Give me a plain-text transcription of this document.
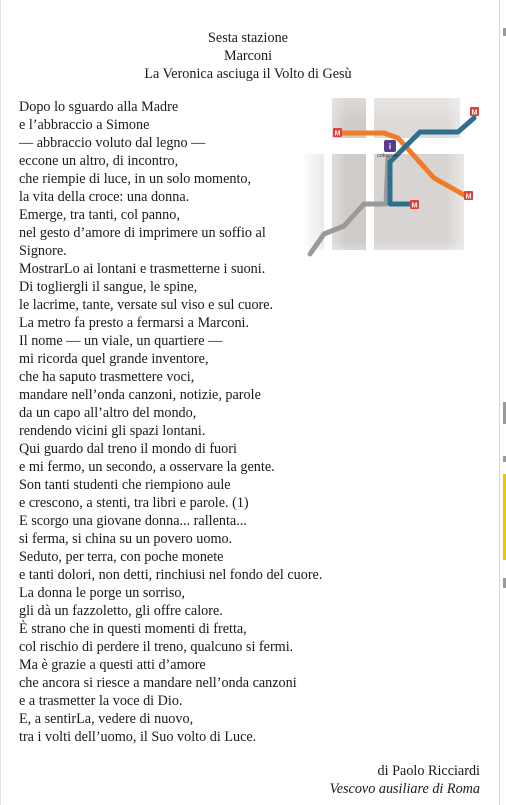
Sesta stazione
Marconi
La Veronica asciuga il Volto di Gesù
M
M
M
M
i
colosseo
Dopo lo sguardo alla Madre
e l’abbraccio a Simone
— abbraccio voluto dal legno —
eccone un altro, di incontro,
che riempie di luce, in un solo momento,
la vita della croce: una donna.
Emerge, tra tanti, col panno,
nel gesto d’amore di imprimere un soffio al
Signore.
MostrarLo ai lontani e trasmetterne i suoni.
Di togliergli il sangue, le spine,
le lacrime, tante, versate sul viso e sul cuore.
La metro fa presto a fermarsi a Marconi.
Il nome — un viale, un quartiere —
mi ricorda quel grande inventore,
che ha saputo trasmettere voci,
mandare nell’onda canzoni, notizie, parole
da un capo all’altro del mondo,
rendendo vicini gli spazi lontani.
Qui guardo dal treno il mondo di fuori
e mi fermo, un secondo, a osservare la gente.
Son tanti studenti che riempiono aule
e crescono, a stenti, tra libri e parole. (1)
E scorgo una giovane donna... rallenta...
si ferma, si china su un povero uomo.
Seduto, per terra, con poche monete
e tanti dolori, non detti, rinchiusi nel fondo del cuore.
La donna le porge un sorriso,
gli dà un fazzoletto, gli offre calore.
È strano che in questi momenti di fretta,
col rischio di perdere il treno, qualcuno si fermi.
Ma è grazie a questi atti d’amore
che ancora si riesce a mandare nell’onda canzoni
e a trasmetter la voce di Dio.
E, a sentirLa, vedere di nuovo,
tra i volti dell’uomo, il Suo volto di Luce.
di Paolo Ricciardi
Vescovo ausiliare di Roma
